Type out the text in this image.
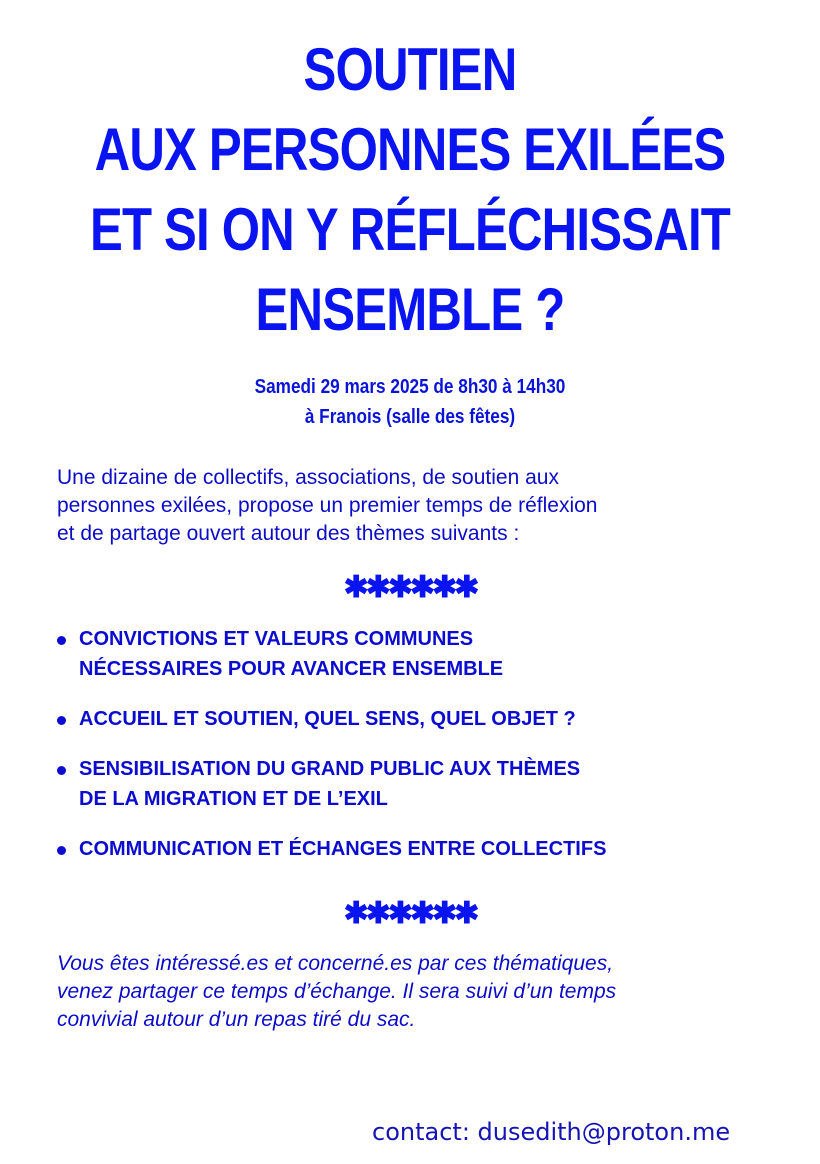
SOUTIEN
AUX PERSONNES EXILÉES
ET SI ON Y RÉFLÉCHISSAIT
ENSEMBLE ?
Samedi 29 mars 2025 de 8h30 à 14h30
à Franois (salle des fêtes)
Une dizaine de collectifs, associations, de soutien aux
personnes exilées, propose un premier temps de réflexion
et de partage ouvert autour des thèmes suivants :
✱✱✱✱✱✱
CONVICTIONS ET VALEURS COMMUNES
NÉCESSAIRES POUR AVANCER ENSEMBLE
ACCUEIL ET SOUTIEN, QUEL SENS, QUEL OBJET ?
SENSIBILISATION DU GRAND PUBLIC AUX THÈMES
DE LA MIGRATION ET DE L’EXIL
COMMUNICATION ET ÉCHANGES ENTRE COLLECTIFS
✱✱✱✱✱✱
Vous êtes intéressé.es et concerné.es par ces thématiques,
venez partager ce temps d’échange. Il sera suivi d’un temps
convivial autour d’un repas tiré du sac.
contact: dusedith@proton.me
